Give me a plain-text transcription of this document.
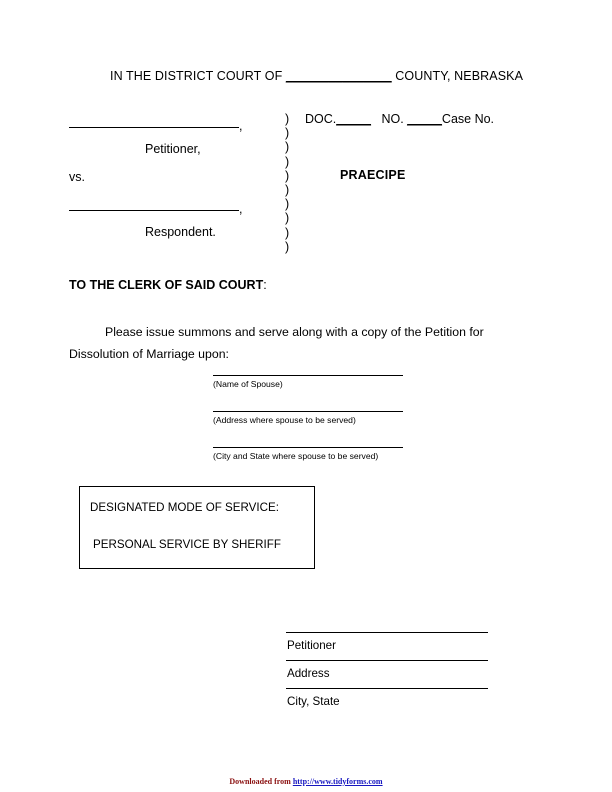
IN THE DISTRICT COURT OF _______________ COUNTY, NEBRASKA
,
Petitioner,
vs.
,
Respondent.
)
)
)
)
)
)
)
)
)
)
DOC._____ NO. _____Case No.
PRAECIPE
TO THE CLERK OF SAID COURT:
Please issue summons and serve along with a copy of the Petition for Dissolution of Marriage upon:
(Name of Spouse)
(Address where spouse to be served)
(City and State where spouse to be served)
DESIGNATED MODE OF SERVICE:
PERSONAL SERVICE BY SHERIFF
Petitioner
Address
City, State
Downloaded from http://www.tidyforms.com
